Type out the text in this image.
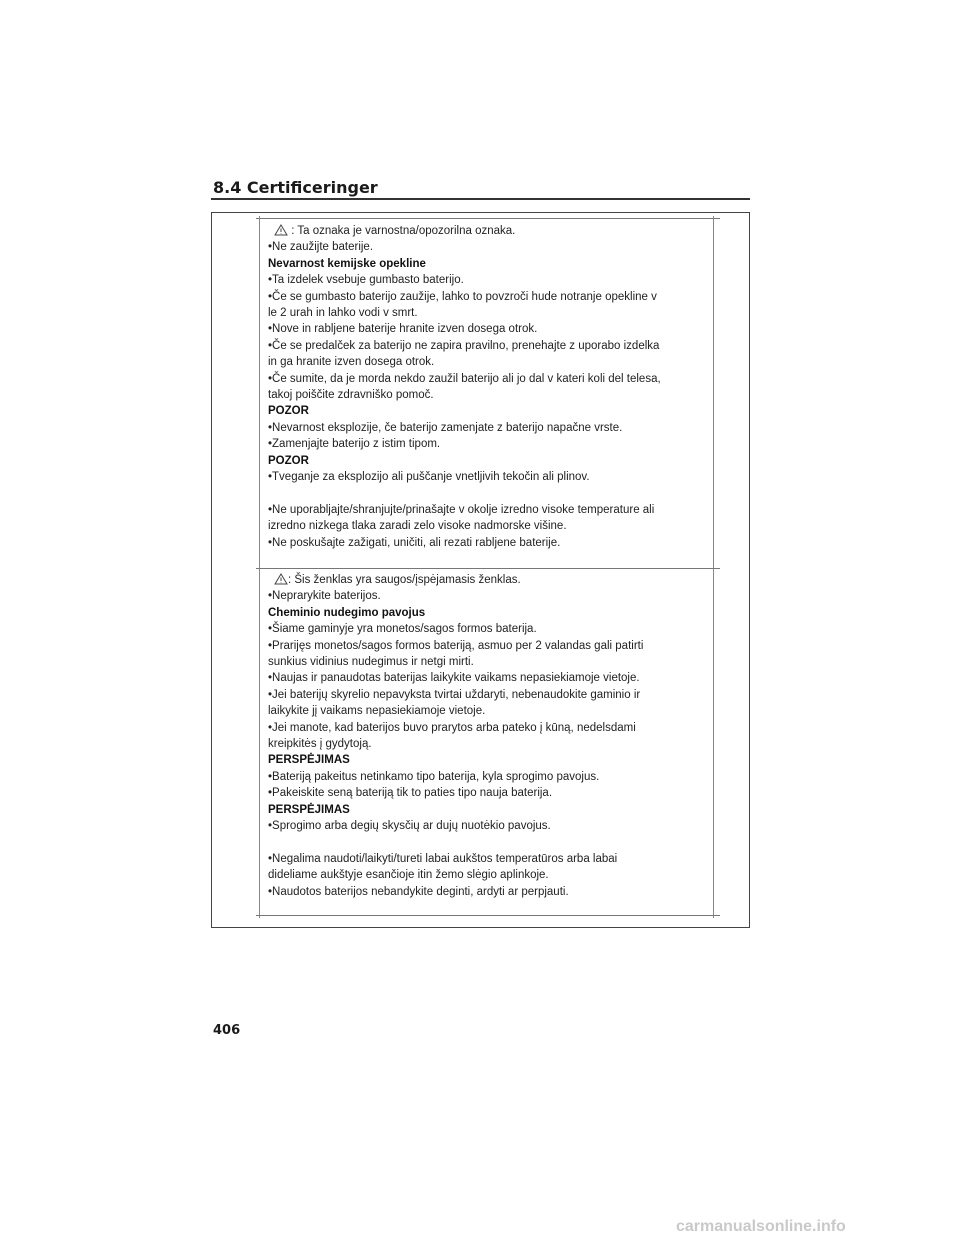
8.4 Certificeringer
: Ta oznaka je varnostna/opozorilna oznaka.
•Ne zaužijte baterije.
Nevarnost kemijske opekline
•Ta izdelek vsebuje gumbasto baterijo.
•Če se gumbasto baterijo zaužije, lahko to povzroči hude notranje opekline v
le 2 urah in lahko vodi v smrt.
•Nove in rabljene baterije hranite izven dosega otrok.
•Če se predalček za baterijo ne zapira pravilno, prenehajte z uporabo izdelka
in ga hranite izven dosega otrok.
•Če sumite, da je morda nekdo zaužil baterijo ali jo dal v kateri koli del telesa,
takoj poiščite zdravniško pomoč.
POZOR
•Nevarnost eksplozije, če baterijo zamenjate z baterijo napačne vrste.
•Zamenjajte baterijo z istim tipom.
POZOR
•Tveganje za eksplozijo ali puščanje vnetljivih tekočin ali plinov.
•Ne uporabljajte/shranjujte/prinašajte v okolje izredno visoke temperature ali
izredno nizkega tlaka zaradi zelo visoke nadmorske višine.
•Ne poskušajte zažigati, uničiti, ali rezati rabljene baterije.
: Šis ženklas yra saugos/įspėjamasis ženklas.
•Neprarykite baterijos.
Cheminio nudegimo pavojus
•Šiame gaminyje yra monetos/sagos formos baterija.
•Prarijęs monetos/sagos formos bateriją, asmuo per 2 valandas gali patirti
sunkius vidinius nudegimus ir netgi mirti.
•Naujas ir panaudotas baterijas laikykite vaikams nepasiekiamoje vietoje.
•Jei baterijų skyrelio nepavyksta tvirtai uždaryti, nebenaudokite gaminio ir
laikykite jį vaikams nepasiekiamoje vietoje.
•Jei manote, kad baterijos buvo prarytos arba pateko į kūną, nedelsdami
kreipkitės į gydytoją.
PERSPĖJIMAS
•Bateriją pakeitus netinkamo tipo baterija, kyla sprogimo pavojus.
•Pakeiskite seną bateriją tik to paties tipo nauja baterija.
PERSPĖJIMAS
•Sprogimo arba degių skysčių ar dujų nuotėkio pavojus.
•Negalima naudoti/laikyti/tureti labai aukštos temperatūros arba labai
dideliame aukštyje esančioje itin žemo slėgio aplinkoje.
•Naudotos baterijos nebandykite deginti, ardyti ar perpjauti.
406
carmanualsonline.info
